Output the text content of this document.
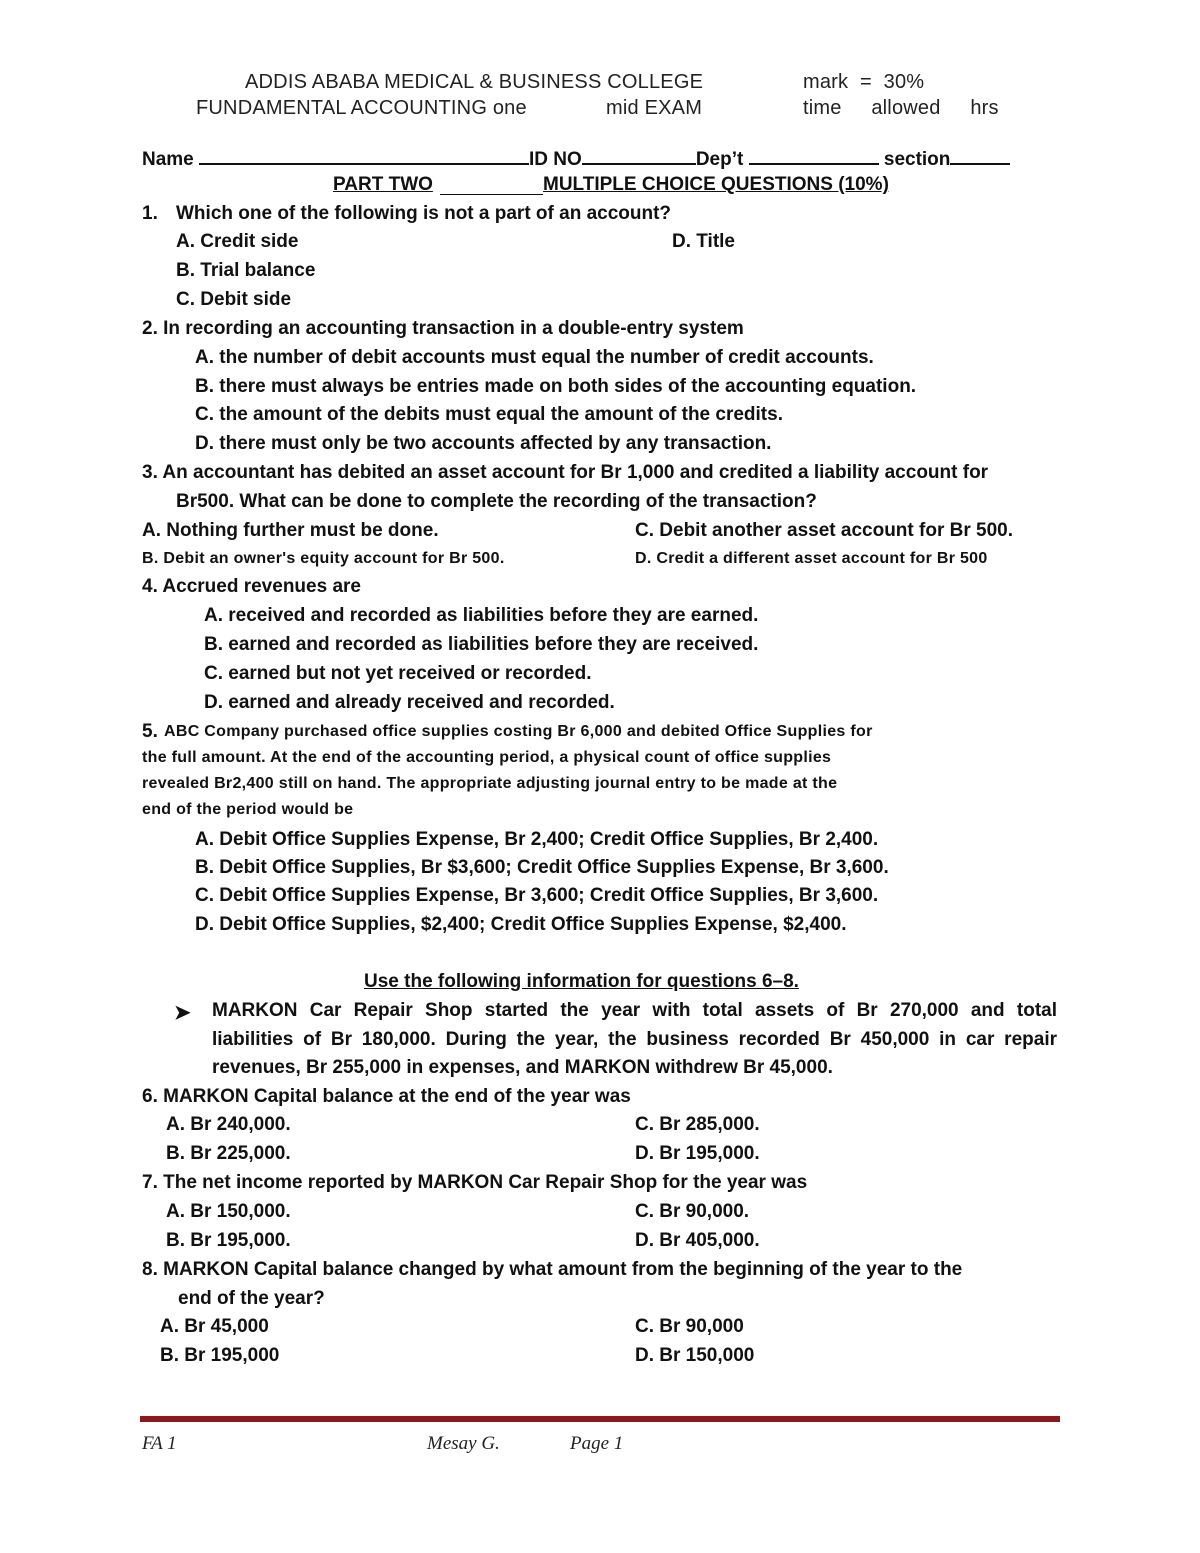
ADDIS ABABA MEDICAL & BUSINESS COLLEGE	mark = 30%
FUNDAMENTAL ACCOUNTING one	mid EXAM	time allowed hrs
Name	ID NO	Dep’t	section
PART TWO	MULTIPLE CHOICE QUESTIONS (10%)
1. Which one of the following is not a part of an account?
A. Credit side	D. Title
B. Trial balance
C. Debit side
2. In recording an accounting transaction in a double-entry system
A. the number of debit accounts must equal the number of credit accounts.
B. there must always be entries made on both sides of the accounting equation.
C. the amount of the debits must equal the amount of the credits.
D. there must only be two accounts affected by any transaction.
3. An accountant has debited an asset account for Br 1,000 and credited a liability account for
Br500. What can be done to complete the recording of the transaction?
A. Nothing further must be done.	C. Debit another asset account for Br 500.
B. Debit an owner's equity account for Br 500.	D. Credit a different asset account for Br 500
4. Accrued revenues are
A. received and recorded as liabilities before they are earned.
B. earned and recorded as liabilities before they are received.
C. earned but not yet received or recorded.
D. earned and already received and recorded.
5. ABC Company purchased office supplies costing Br 6,000 and debited Office Supplies for
the full amount. At the end of the accounting period, a physical count of office supplies
revealed Br2,400 still on hand. The appropriate adjusting journal entry to be made at the
end of the period would be
A. Debit Office Supplies Expense, Br 2,400; Credit Office Supplies, Br 2,400.
B. Debit Office Supplies, Br $3,600; Credit Office Supplies Expense, Br 3,600.
C. Debit Office Supplies Expense, Br 3,600; Credit Office Supplies, Br 3,600.
D. Debit Office Supplies, $2,400; Credit Office Supplies Expense, $2,400.
Use the following information for questions 6–8.
➤ MARKON Car Repair Shop started the year with total assets of Br 270,000 and total
liabilities of Br 180,000. During the year, the business recorded Br 450,000 in car repair
revenues, Br 255,000 in expenses, and MARKON withdrew Br 45,000.
6. MARKON Capital balance at the end of the year was
A. Br 240,000.	C. Br 285,000.
B. Br 225,000.	D. Br 195,000.
7. The net income reported by MARKON Car Repair Shop for the year was
A. Br 150,000.	C. Br 90,000.
B. Br 195,000.	D. Br 405,000.
8. MARKON Capital balance changed by what amount from the beginning of the year to the
end of the year?
A. Br 45,000	C. Br 90,000
B. Br 195,000	D. Br 150,000
FA 1	Mesay G.	Page 1
